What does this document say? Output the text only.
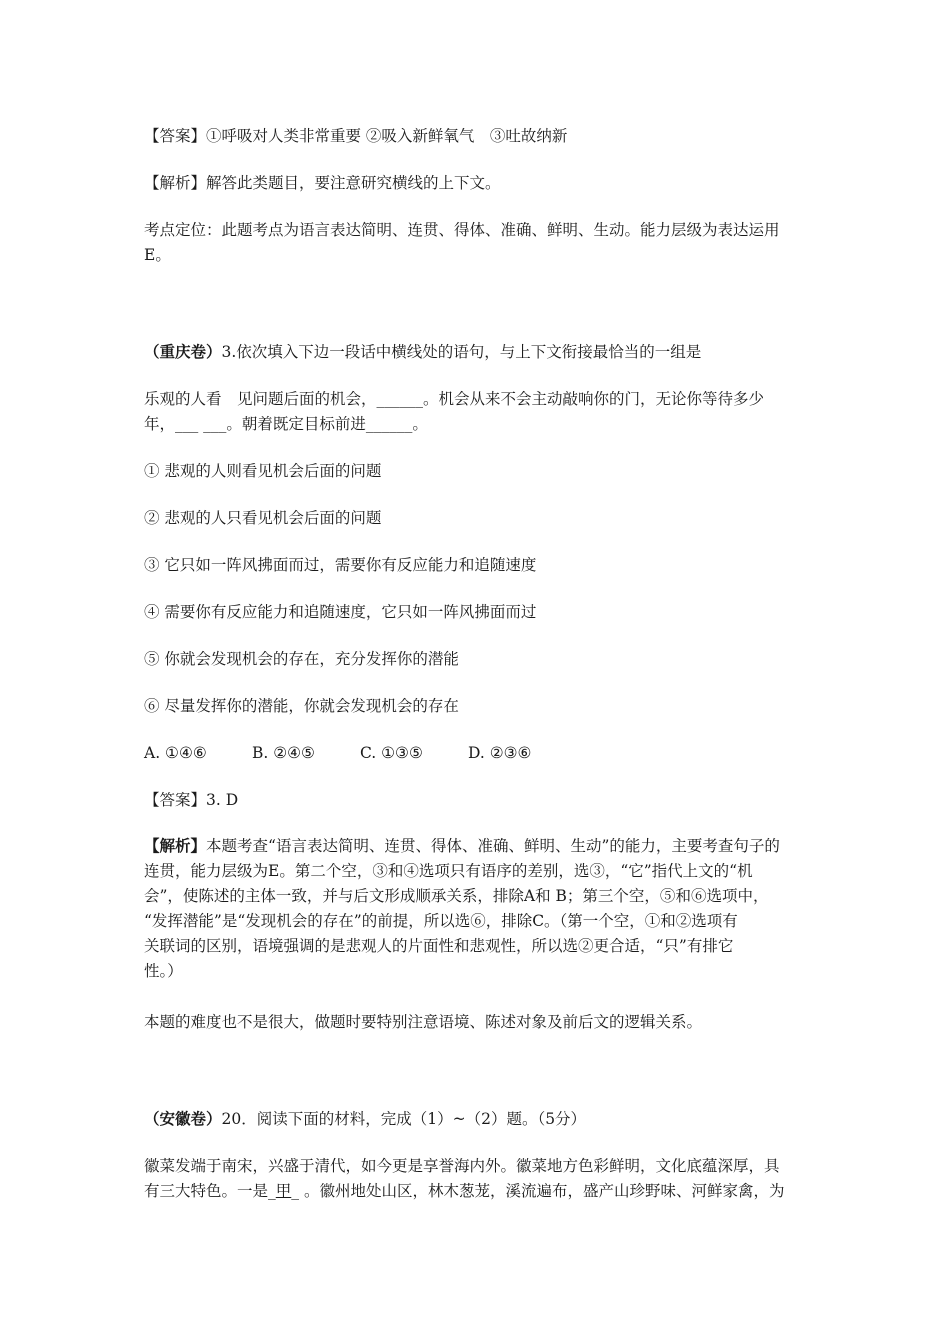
【答案】①呼吸对人类非常重要 ②吸入新鲜氧气　③吐故纳新
【解析】解答此类题目，要注意研究横线的上下文。
考点定位：此题考点为语言表达简明、连贯、得体、准确、鲜明、生动。能力层级为表达运用
E。
（重庆卷）3.依次填入下边一段话中横线处的语句，与上下文衔接最恰当的一组是
乐观的人看　见问题后面的机会，______。机会从来不会主动敲响你的门，无论你等待多少
年，___ ___。朝着既定目标前进______。
① 悲观的人则看见机会后面的问题
② 悲观的人只看见机会后面的问题
③ 它只如一阵风拂面而过，需要你有反应能力和追随速度
④ 需要你有反应能力和追随速度，它只如一阵风拂面而过
⑤ 你就会发现机会的存在，充分发挥你的潜能
⑥ 尽量发挥你的潜能，你就会发现机会的存在
A. ①④⑥	B. ②④⑤	C. ①③⑤	D. ②③⑥
【答案】3. D
【解析】本题考查“语言表达简明、连贯、得体、准确、鲜明、生动”的能力，主要考查句子的
连贯，能力层级为E。第二个空，③和④选项只有语序的差别，选③，“它”指代上文的“机
会”，使陈述的主体一致，并与后文形成顺承关系，排除A和 B；第三个空，⑤和⑥选项中，
“发挥潜能”是“发现机会的存在”的前提，所以选⑥，排除C。（第一个空，①和②选项有
关联词的区别，语境强调的是悲观人的片面性和悲观性，所以选②更合适，“只”有排它
性。）
本题的难度也不是很大，做题时要特别注意语境、陈述对象及前后文的逻辑关系。
（安徽卷）20．阅读下面的材料，完成（1）~（2）题。（5分）
徽菜发端于南宋，兴盛于清代，如今更是享誉海内外。徽菜地方色彩鲜明，文化底蕴深厚，具
有三大特色。一是_甲_ 。徽州地处山区，林木葱茏，溪流遍布，盛产山珍野味、河鲜家禽，为
